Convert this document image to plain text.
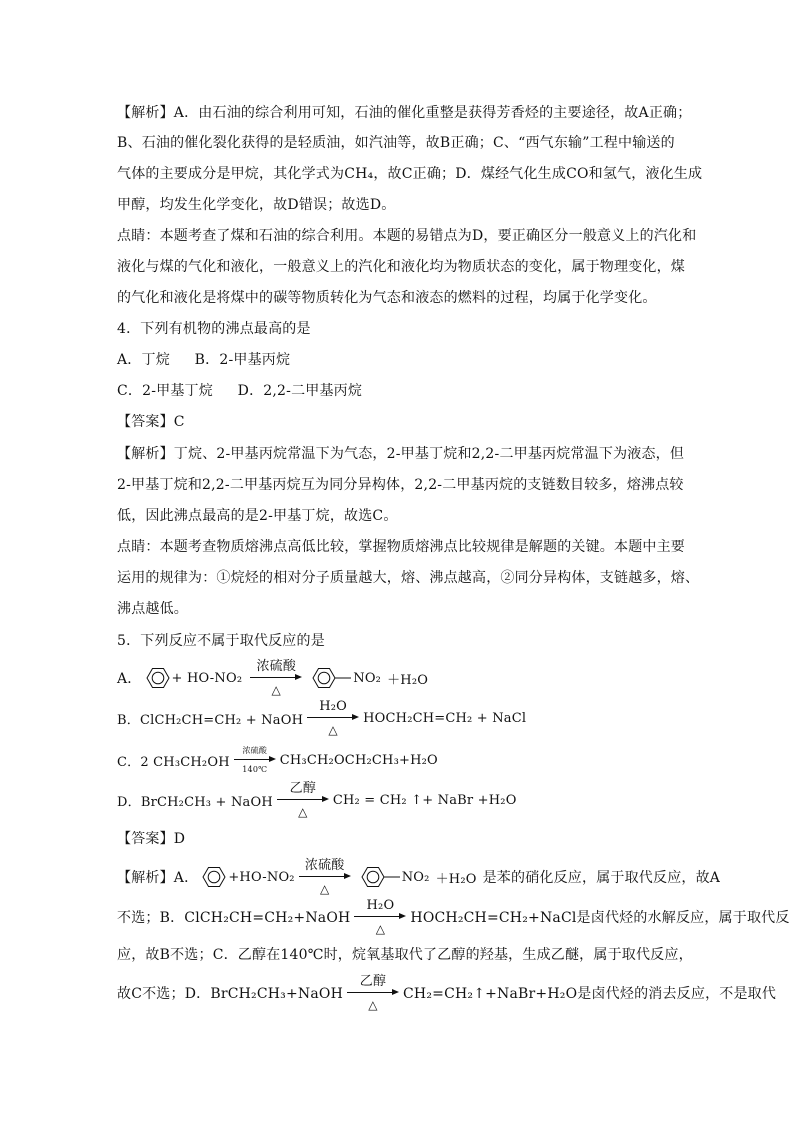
【解析】A．由石油的综合利用可知，石油的催化重整是获得芳香烃的主要途径，故A正确；
B、石油的催化裂化获得的是轻质油，如汽油等，故B正确；C、“西气东输”工程中输送的
气体的主要成分是甲烷，其化学式为CH₄，故C正确；D．煤经气化生成CO和氢气，液化生成
甲醇，均发生化学变化，故D错误；故选D。
点睛：本题考查了煤和石油的综合利用。本题的易错点为D，要正确区分一般意义上的汽化和
液化与煤的气化和液化，一般意义上的汽化和液化均为物质状态的变化，属于物理变化，煤
的气化和液化是将煤中的碳等物质转化为气态和液态的燃料的过程，均属于化学变化。
4．下列有机物的沸点最高的是
A．丁烷 B．2-甲基丙烷
C．2-甲基丁烷 D．2,2-二甲基丙烷
【答案】C
【解析】丁烷、2-甲基丙烷常温下为气态，2-甲基丁烷和2,2-二甲基丙烷常温下为液态，但
2-甲基丁烷和2,2-二甲基丙烷互为同分异构体，2,2-二甲基丙烷的支链数目较多，熔沸点较
低，因此沸点最高的是2-甲基丁烷，故选C。
点睛：本题考查物质熔沸点高低比较，掌握物质熔沸点比较规律是解题的关键。本题中主要
运用的规律为：①烷烃的相对分子质量越大，熔、沸点越高，②同分异构体，支链越多，熔、
沸点越低。
5．下列反应不属于取代反应的是
A． + HO-NO₂
浓硫酸
△
NO₂ ＋H₂O
B．ClCH₂CH=CH₂ + NaOH
H₂O
△
HOCH₂CH=CH₂ + NaCl
C．2 CH₃CH₂OH
浓硫酸
140℃
CH₃CH₂OCH₂CH₃+H₂O
D．BrCH₂CH₃ + NaOH
乙醇
△
CH₂ = CH₂ ↑+ NaBr +H₂O
【答案】D
【解析】A． +HO-NO₂
浓硫酸
△
NO₂ ＋H₂O 是苯的硝化反应，属于取代反应，故A
不选；B．ClCH₂CH=CH₂+NaOH
H₂O
△
HOCH₂CH=CH₂+NaCl是卤代烃的水解反应，属于取代反
应，故B不选；C．乙醇在140℃时，烷氧基取代了乙醇的羟基，生成乙醚，属于取代反应，
故C不选；D．BrCH₂CH₃+NaOH
乙醇
△
CH₂=CH₂↑+NaBr+H₂O是卤代烃的消去反应，不是取代
